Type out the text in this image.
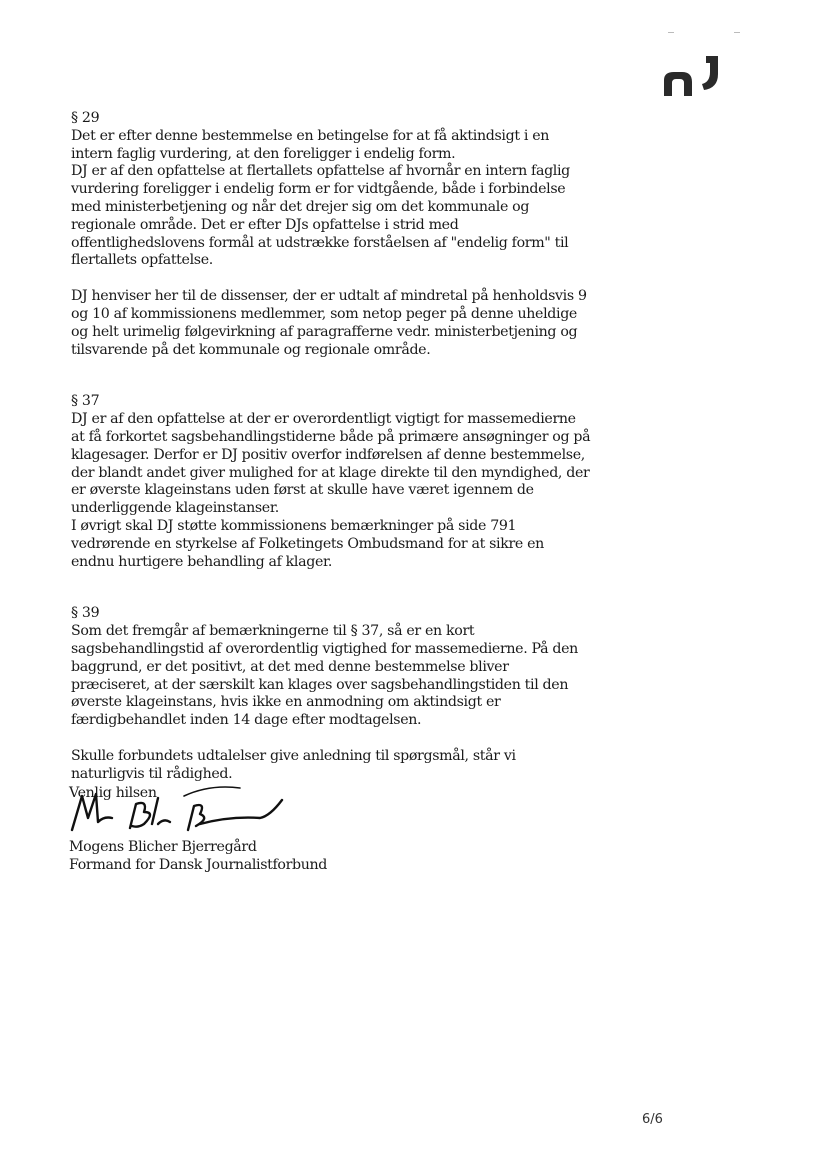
§ 29

Det er efter denne bestemmelse en betingelse for at få aktindsigt i en intern faglig vurdering, at den foreligger i endelig form.

DJ er af den opfattelse at flertallets opfattelse af hvornår en intern faglig vurdering foreligger i endelig form er for vidtgående, både i forbindelse med ministerbetjening og når det drejer sig om det kommunale og regionale område. Det er efter DJs opfattelse i strid med offentlighedslovens formål at udstrække forståelsen af "endelig form" til flertallets opfattelse.

DJ henviser her til de dissenser, der er udtalt af mindretal på henholdsvis 9 og 10 af kommissionens medlemmer, som netop peger på denne uheldige og helt urimelig følgevirkning af paragrafferne vedr. ministerbetjening og tilsvarende på det kommunale og regionale område.

§ 37

DJ er af den opfattelse at der er overordentligt vigtigt for massemedierne at få forkortet sagsbehandlingstiderne både på primære ansøgninger og på klagesager. Derfor er DJ positiv overfor indførelsen af denne bestemmelse, der blandt andet giver mulighed for at klage direkte til den myndighed, der er øverste klageinstans uden først at skulle have været igennem de underliggende klageinstanser.

I øvrigt skal DJ støtte kommissionens bemærkninger på side 791 vedrørende en styrkelse af Folketingets Ombudsmand for at sikre en endnu hurtigere behandling af klager.

§ 39

Som det fremgår af bemærkningerne til § 37, så er en kort sagsbehandlingstid af overordentlig vigtighed for massemedierne. På den baggrund, er det positivt, at det med denne bestemmelse bliver præciseret, at der særskilt kan klages over sagsbehandlingstiden til den øverste klageinstans, hvis ikke en anmodning om aktindsigt er færdigbehandlet inden 14 dage efter modtagelsen.

Skulle forbundets udtalelser give anledning til spørgsmål, står vi naturligvis til rådighed.

Venlig hilsen
Mogens Blicher Bjerregård
Formand for Dansk Journalistforbund
6/6
